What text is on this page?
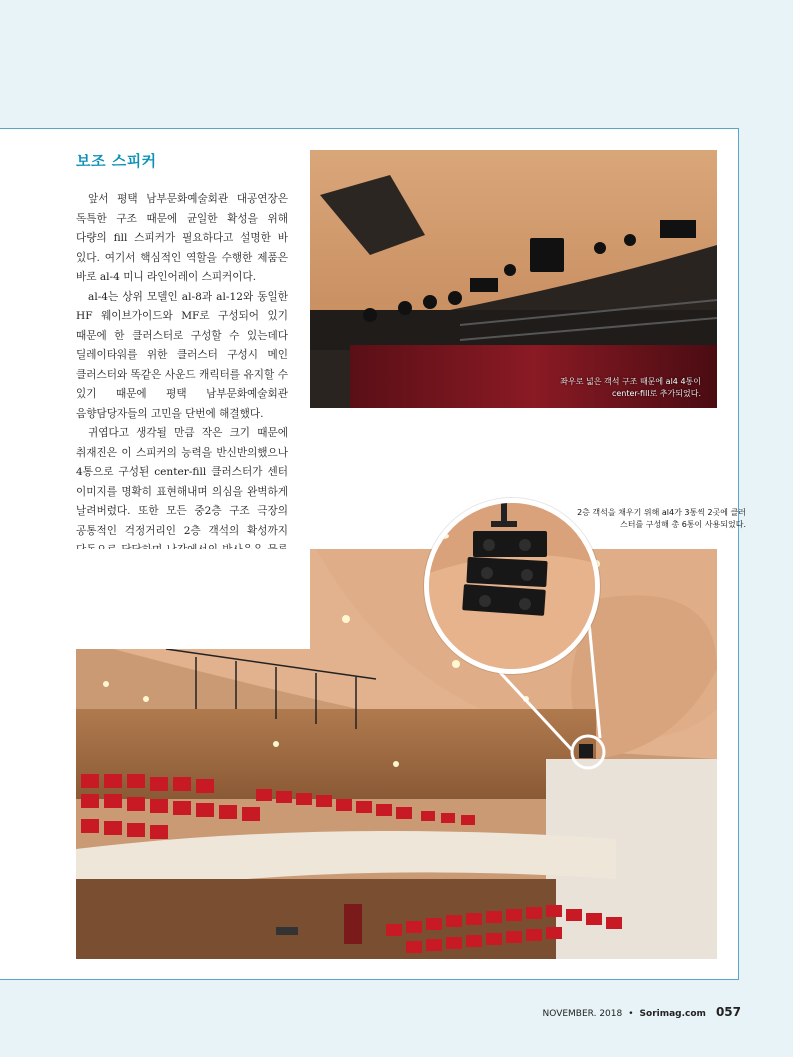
보조 스피커

앞서 평택 남부문화예술회관 대공연장은 독특한 구조 때문에 균일한 확성을 위해 다량의 fill 스피커가 필요하다고 설명한 바 있다. 여기서 핵심적인 역할을 수행한 제품은 바로 al-4 미니 라인어레이 스피커이다.

al-4는 상위 모델인 al-8과 al-12와 동일한 HF 웨이브가이드와 MF로 구성되어 있기 때문에 한 클러스터로 구성할 수 있는데다 딜레이타워를 위한 클러스터 구성시 메인 클러스터와 똑같은 사운드 캐릭터를 유지할 수 있기 때문에 평택 남부문화예술회관 음향담당자들의 고민을 단번에 해결했다.

귀엽다고 생각될 만큼 작은 크기 때문에 취재진은 이 스피커의 능력을 반신반의했으나 4통으로 구성된 center-fill 클러스터가 센터 이미지를 명확히 표현해내며 의심을 완벽하게 날려버렸다. 또한 모든 중2층 구조 극장의 공통적인 걱정거리인 2층 객석의 확성까지

좌우로 넓은 객석 구조 때문에 al4 4통이 center-fill로 추가되었다.
2층 객석을 채우기 위해 al4가 3통씩 2곳에 클러스터를 구성해 총 6통이 사용되었다.
NOVEMBER. 2018 • Sorimag.com 057
